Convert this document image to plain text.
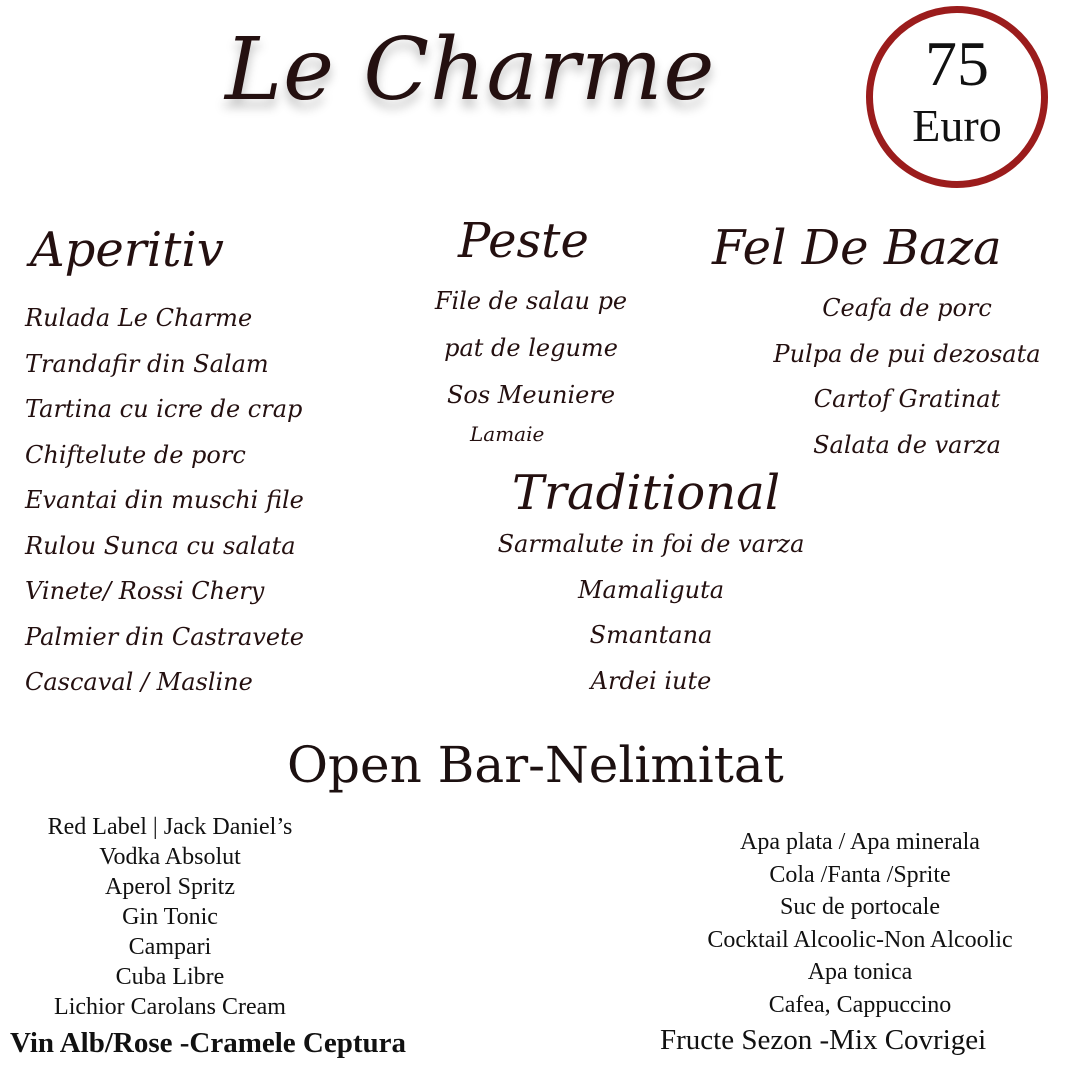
Le Charme	75
Euro
Aperitiv
Rulada Le Charme
Trandafir din Salam
Tartina cu icre de crap
Chiftelute de porc
Evantai din muschi file
Rulou Sunca cu salata
Vinete/ Rossi Chery
Palmier din Castravete
Cascaval / Masline
Peste
File de salau pe
pat de legume
Sos Meuniere
Lamaie
Fel De Baza
Ceafa de porc
Pulpa de pui dezosata
Cartof Gratinat
Salata de varza
Traditional
Sarmalute in foi de varza
Mamaliguta
Smantana
Ardei iute
Open Bar-Nelimitat
Red Label | Jack Daniel’s
Vodka Absolut
Aperol Spritz
Gin Tonic
Campari
Cuba Libre
Lichior Carolans Cream
Vin Alb/Rose -Cramele Ceptura
Apa plata / Apa minerala
Cola /Fanta /Sprite
Suc de portocale
Cocktail Alcoolic-Non Alcoolic
Apa tonica
Cafea, Cappuccino
Fructe Sezon -Mix Covrigei
